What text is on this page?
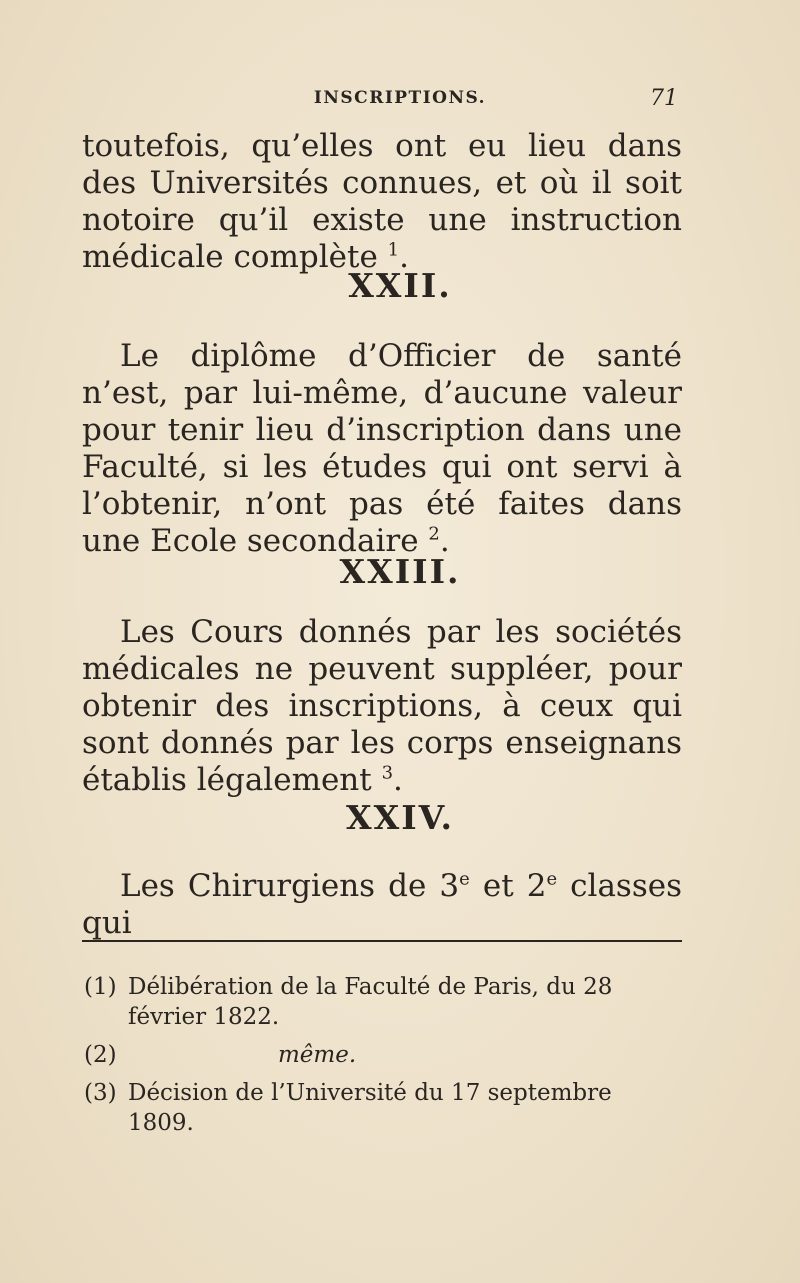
INSCRIPTIONS.	71

toutefois, qu’elles ont eu lieu dans des Universités connues, et où il soit notoire qu’il existe une instruction médicale complète $^1$.

XXII.

Le diplôme d’Officier de santé n’est, par lui-même, d’aucune valeur pour tenir lieu d’inscription dans une Faculté, si les études qui ont servi à l’obtenir, n’ont pas été faites dans une Ecole secondaire $^2$.

XXIII.

Les Cours donnés par les sociétés médicales ne peuvent suppléer, pour obtenir des inscriptions, à ceux qui sont donnés par les corps enseignans établis légalement $^3$.

XXIV.

Les Chirurgiens de 3e et 2e classes qui

(1) Délibération de la Faculté de Paris, du 28
février 1822.

(2)	même.

(3) Décision de l’Université du 17 septembre
1809.
